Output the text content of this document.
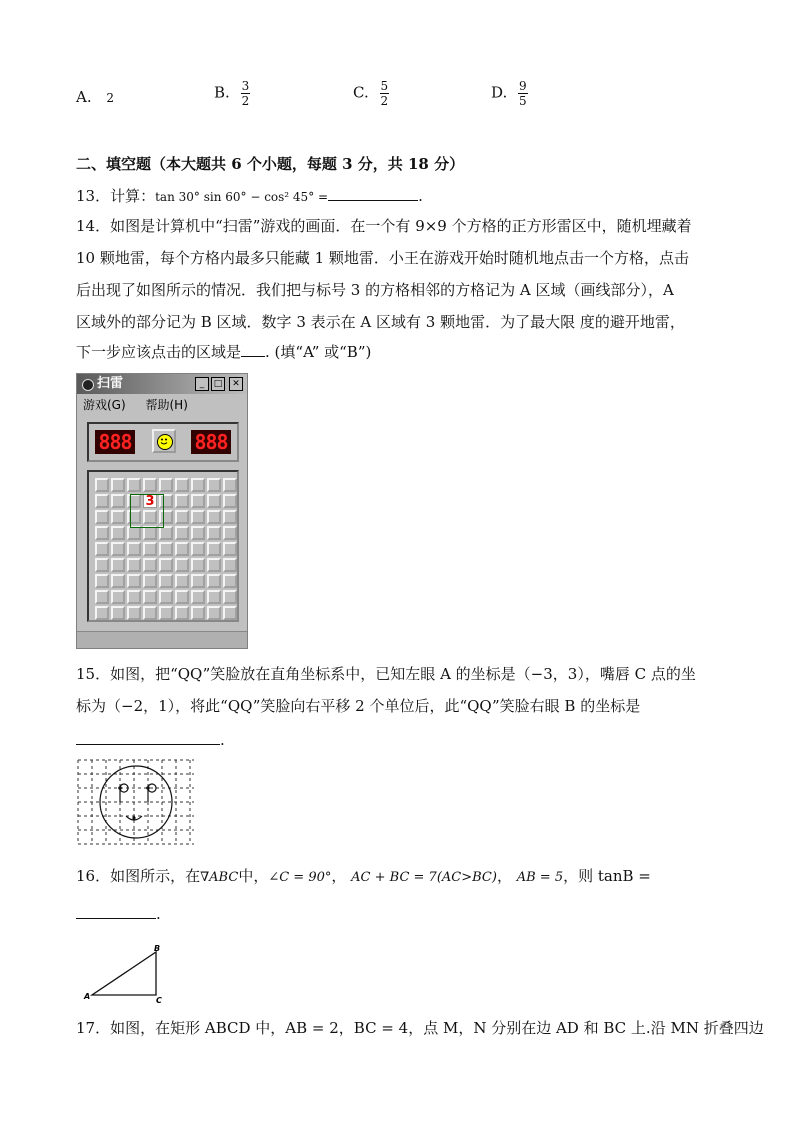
A. 2	B. $\frac{3}{2}$	C. $\frac{5}{2}$	D. $\frac{9}{5}$
二、填空题（本大题共 6 个小题，每题 3 分，共 18 分）
13．计算：tan 30° sin 60° − cos² 45° =	.
14．如图是计算机中“扫雷”游戏的画面．在一个有 9×9 个方格的正方形雷区中，随机埋藏着
10 颗地雷，每个方格内最多只能藏 1 颗地雷．小王在游戏开始时随机地点击一个方格，点击
后出现了如图所示的情况．我们把与标号 3 的方格相邻的方格记为 A 区域（画线部分），A
区域外的部分记为 B 区域．数字 3 表示在 A 区域有 3 颗地雷．为了最大限 度的避开地雷，
下一步应该点击的区域是 . (填“A” 或“B”)
扫雷	_	□	✕
游戏(G) 帮助(H)
888	888
3
15．如图，把“QQ”笑脸放在直角坐标系中，已知左眼 A 的坐标是（−3，3），嘴唇 C 点的坐
标为（−2，1），将此“QQ”笑脸向右平移 2 个单位后，此“QQ”笑脸右眼 B 的坐标是
.
16．如图所示，在∇ABC中，∠C = 90°， AC + BC = 7(AC>BC)， AB = 5，则 tanB =
.
A
B
C
17．如图，在矩形 ABCD 中，AB = 2，BC = 4，点 M，N 分别在边 AD 和 BC 上.沿 MN 折叠四边
